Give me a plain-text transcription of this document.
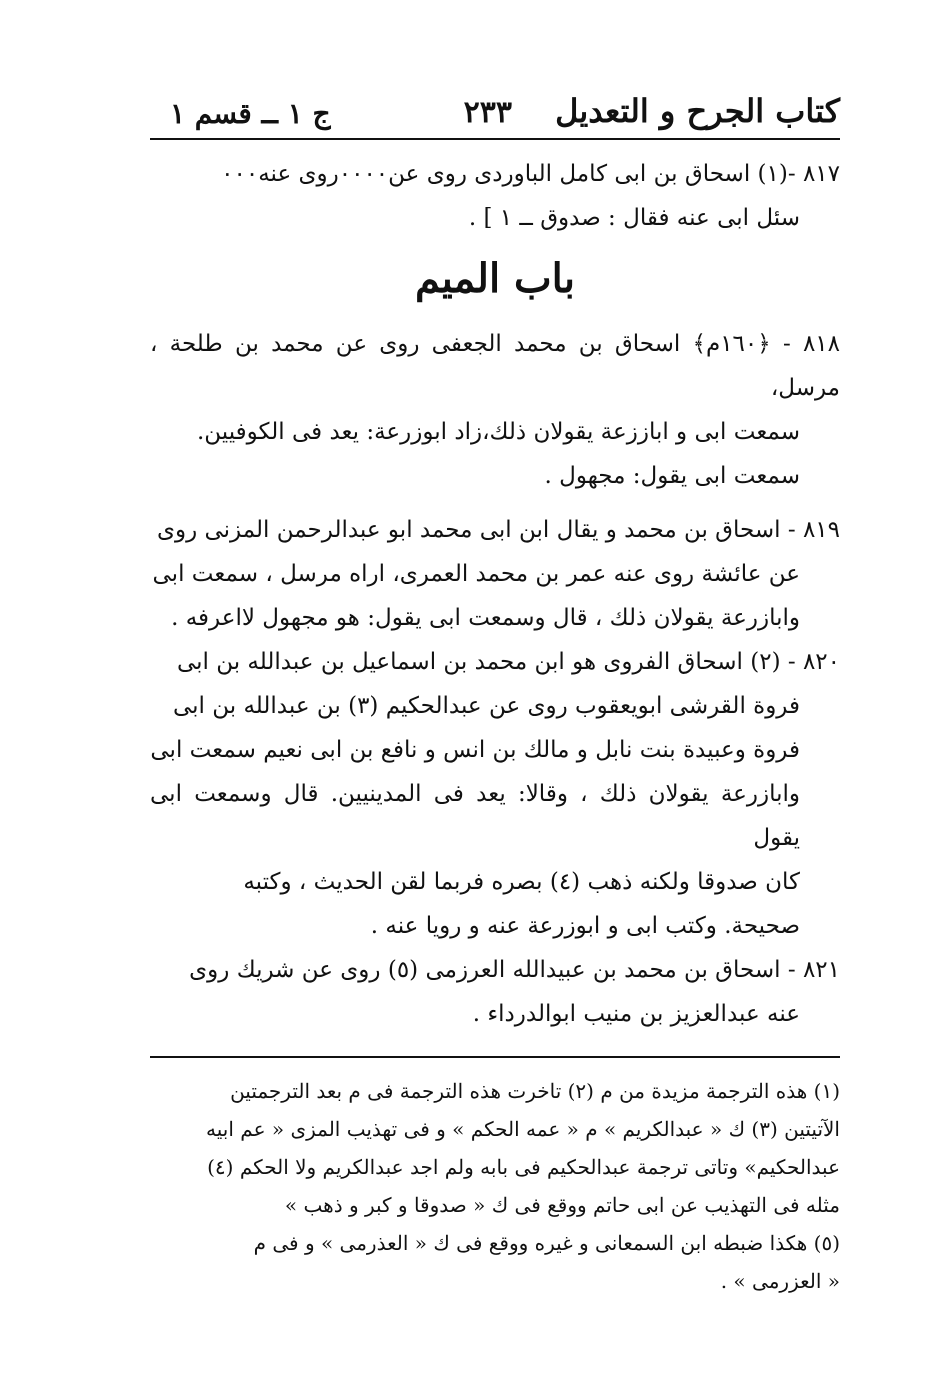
كتاب الجرح و التعديل
٢٣٣
ج ١ ــ قسم ١

٨١٧ -(١) اسحاق بن ابى كامل الباوردى روى عن٠٠٠٠روى عنه٠٠٠
سئل ابى عنه فقال : صدوق ــ ١ ] .

باب الميم

٨١٨ - ﴿١٦٠م﴾ اسحاق بن محمد الجعفى روى عن محمد بن طلحة ، مرسل،
سمعت ابى و اباززعة يقولان ذلك،زاد ابوزرعة: يعد فى الكوفيين.
سمعت ابى يقول: مجهول .

٨١٩ - اسحاق بن محمد و يقال ابن ابى محمد ابو عبدالرحمن المزنى روى
عن عائشة روى عنه عمر بن محمد العمرى، اراه مرسل ، سمعت ابى
وابازرعة يقولان ذلك ، قال وسمعت ابى يقول: هو مجهول لااعرفه .

٨٢٠ - (٢) اسحاق الفروى هو ابن محمد بن اسماعيل بن عبدالله بن ابى
فروة القرشى ابويعقوب روى عن عبدالحكيم (٣) بن عبدالله بن ابى
فروة وعبيدة بنت نابل و مالك بن انس و نافع بن ابى نعيم سمعت ابى
وابازرعة يقولان ذلك ، وقالا: يعد فى المدينيين. قال وسمعت ابى يقول
كان صدوقا ولكنه ذهب (٤) بصره فربما لقن الحديث ، وكتبه
صحيحة. وكتب ابى و ابوزرعة عنه و رويا عنه .

٨٢١ - اسحاق بن محمد بن عبيدالله العرزمى (٥) روى عن شريك روى
عنه عبدالعزيز بن منيب ابوالدرداء .

(١) هذه الترجمة مزيدة من م (٢) تاخرت هذه الترجمة فى م بعد الترجمتين
الآتيتين (٣) ك « عبدالكريم » م « عمه الحكم » و فى تهذيب المزى « عم ابيه
عبدالحكيم» وتاتى ترجمة عبدالحكيم فى بابه ولم اجد عبدالكريم ولا الحكم (٤)
مثله فى التهذيب عن ابى حاتم ووقع فى ك « صدوقا و كبر و ذهب »
(٥) هكذا ضبطه ابن السمعانى و غيره ووقع فى ك « العذرمى » و فى م
« العزرمى » .
